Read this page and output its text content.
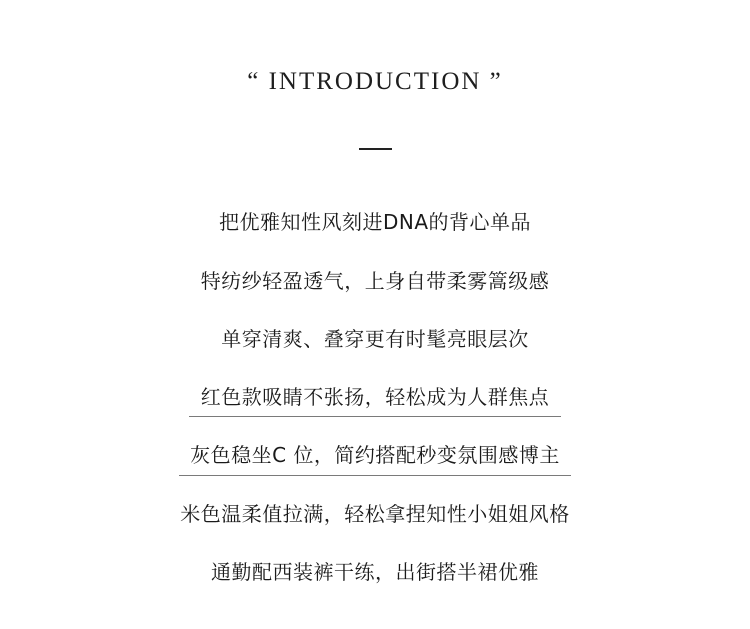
“ INTRODUCTION ”
把优雅知性风刻进DNA的背心单品
特纺纱轻盈透气，上身自带柔雾篙级感
单穿清爽、叠穿更有时髦亮眼层次
红色款吸睛不张扬，轻松成为人群焦点
灰色稳坐C 位，简约搭配秒变氛围感博主
米色温柔值拉满，轻松拿捏知性小姐姐风格
通勤配西装裤干练，出街搭半裙优雅
